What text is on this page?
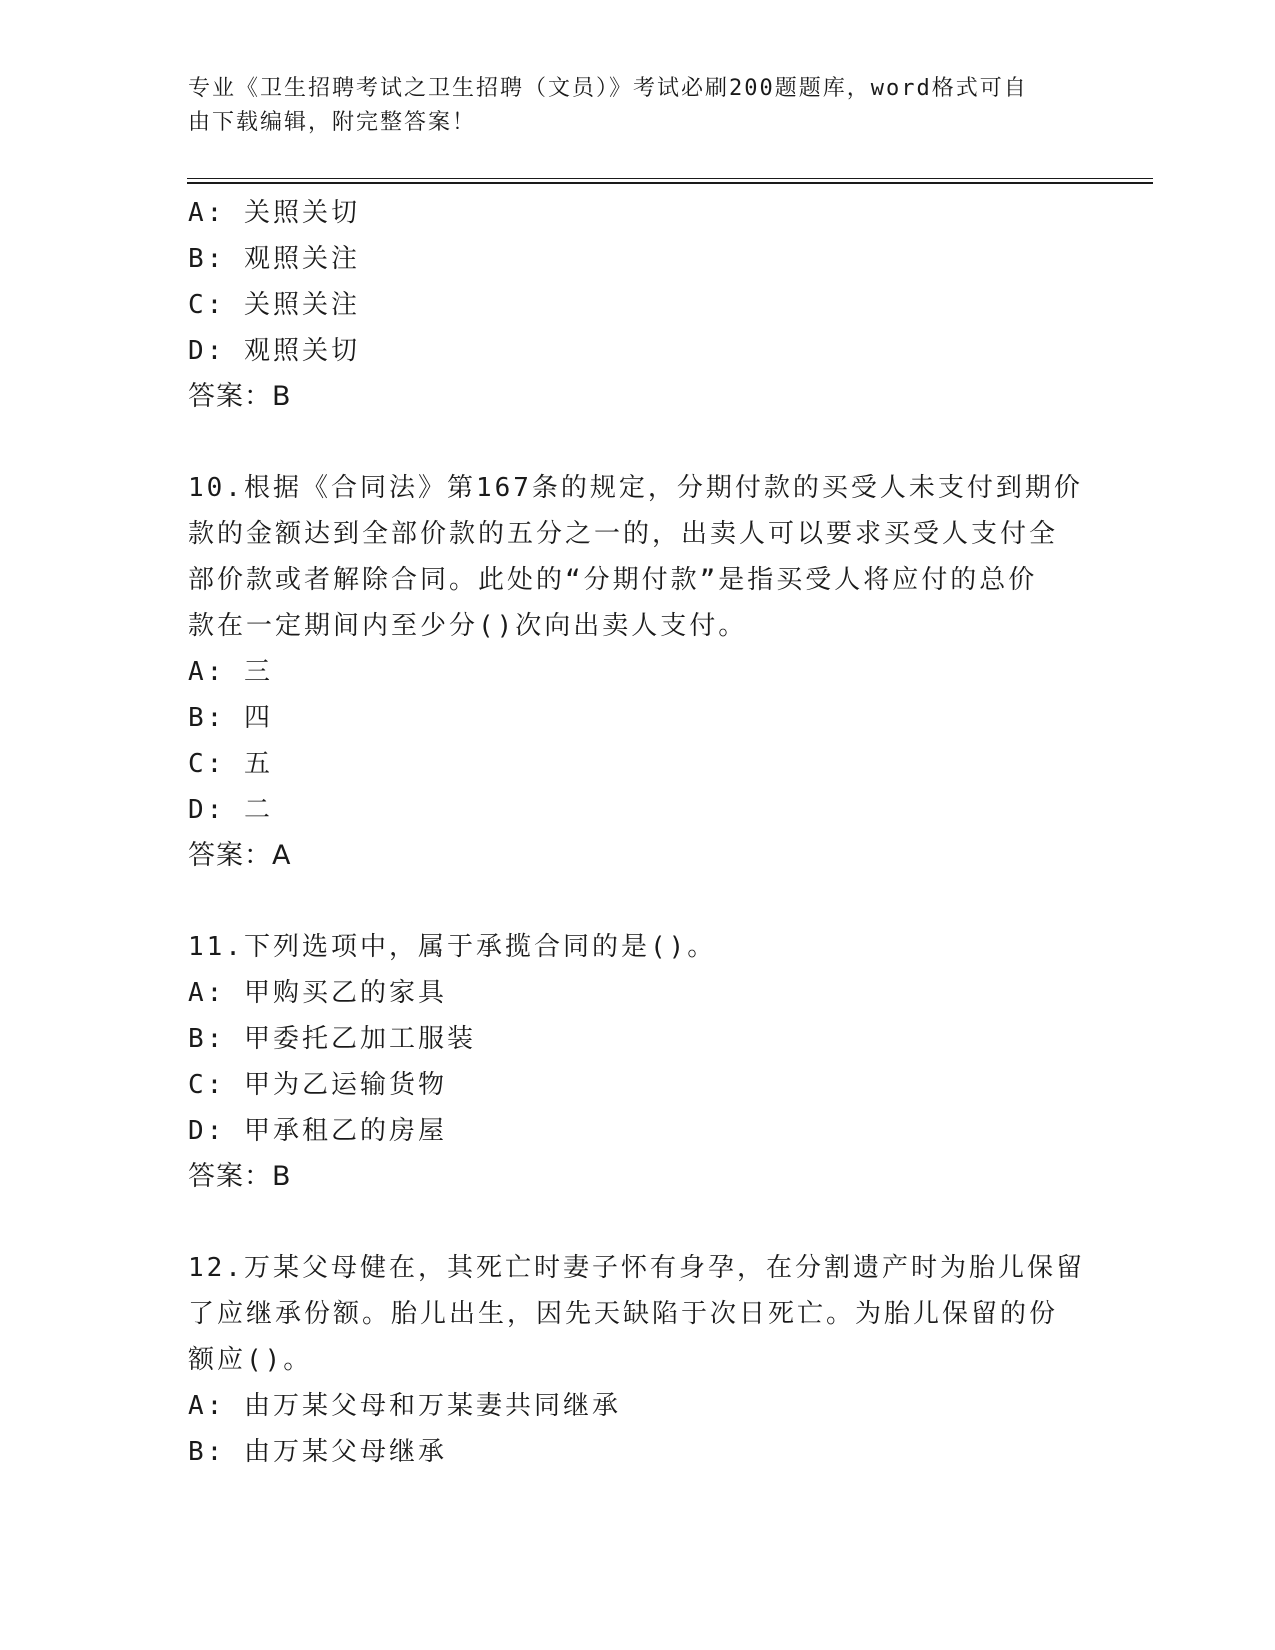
专业《卫生招聘考试之卫生招聘（文员）》考试必刷200题题库，word格式可自
由下载编辑，附完整答案！
A: 关照关切
B: 观照关注
C: 关照关注
D: 观照关切
答案：B
10.根据《合同法》第167条的规定，分期付款的买受人未支付到期价
款的金额达到全部价款的五分之一的，出卖人可以要求买受人支付全
部价款或者解除合同。此处的“分期付款”是指买受人将应付的总价
款在一定期间内至少分()次向出卖人支付。
A: 三
B: 四
C: 五
D: 二
答案：A
11.下列选项中，属于承揽合同的是()。
A: 甲购买乙的家具
B: 甲委托乙加工服装
C: 甲为乙运输货物
D: 甲承租乙的房屋
答案：B
12.万某父母健在，其死亡时妻子怀有身孕，在分割遗产时为胎儿保留
了应继承份额。胎儿出生，因先天缺陷于次日死亡。为胎儿保留的份
额应()。
A: 由万某父母和万某妻共同继承
B: 由万某父母继承
